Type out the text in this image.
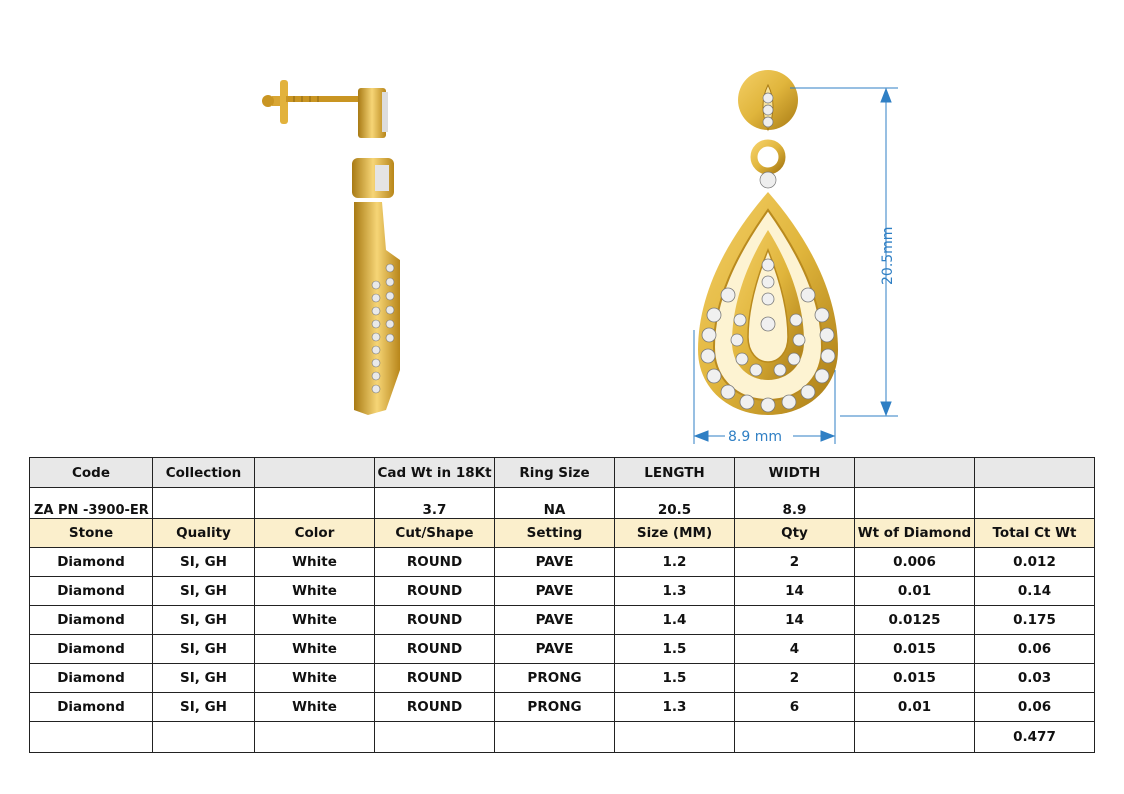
20.5mm
8.9 mm
Code	Collection		Cad Wt in 18Kt	Ring Size	LENGTH	WIDTH		
ZA PN -3900-ER			3.7	NA	20.5	8.9		
Stone	Quality	Color	Cut/Shape	Setting	Size (MM)	Qty	Wt of Diamond	Total Ct Wt
Diamond	SI, GH	White	ROUND	PAVE	1.2	2	0.006	0.012
Diamond	SI, GH	White	ROUND	PAVE	1.3	14	0.01	0.14
Diamond	SI, GH	White	ROUND	PAVE	1.4	14	0.0125	0.175
Diamond	SI, GH	White	ROUND	PAVE	1.5	4	0.015	0.06
Diamond	SI, GH	White	ROUND	PRONG	1.5	2	0.015	0.03
Diamond	SI, GH	White	ROUND	PRONG	1.3	6	0.01	0.06
								0.477
